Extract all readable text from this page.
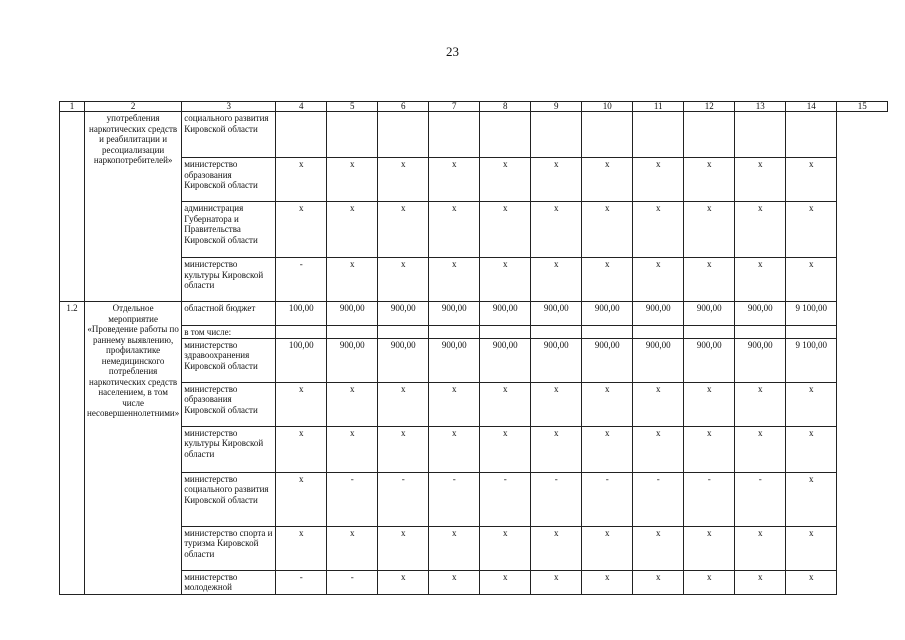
23
1	2	3	4	5	6	7	8	9	10	11	12	13	14	15
	употребления наркотических средств и реабилитации и ресоциализации наркопотребителей»	социального развития Кировской области												
		министерство образования Кировской области	х	х	х	х	х	х	х	х	х	х	х	
		администрация Губернатора и Правительства Кировской области	х	х	х	х	х	х	х	х	х	х	х	
		министерство культуры Кировской области	-	х	х	х	х	х	х	х	х	х	х	
1.2	Отдельное мероприятие «Проведение работы по раннему выявлению, профилактике немедицинского потребления наркотических средств населением, в том числе несовершеннолетними»	областной бюджет	100,00	900,00	900,00	900,00	900,00	900,00	900,00	900,00	900,00	900,00	9 100,00	
		в том числе:												
		министерство здравоохранения Кировской области	100,00	900,00	900,00	900,00	900,00	900,00	900,00	900,00	900,00	900,00	9 100,00	
		министерство образования Кировской области	х	х	х	х	х	х	х	х	х	х	х	
		министерство культуры Кировской области	х	х	х	х	х	х	х	х	х	х	х	
		министерство социального развития Кировской области	х	-	-	-	-	-	-	-	-	-	х	
		министерство спорта и туризма Кировской области	х	х	х	х	х	х	х	х	х	х	х	
		министерство молодежной	-	-	х	х	х	х	х	х	х	х	х	
